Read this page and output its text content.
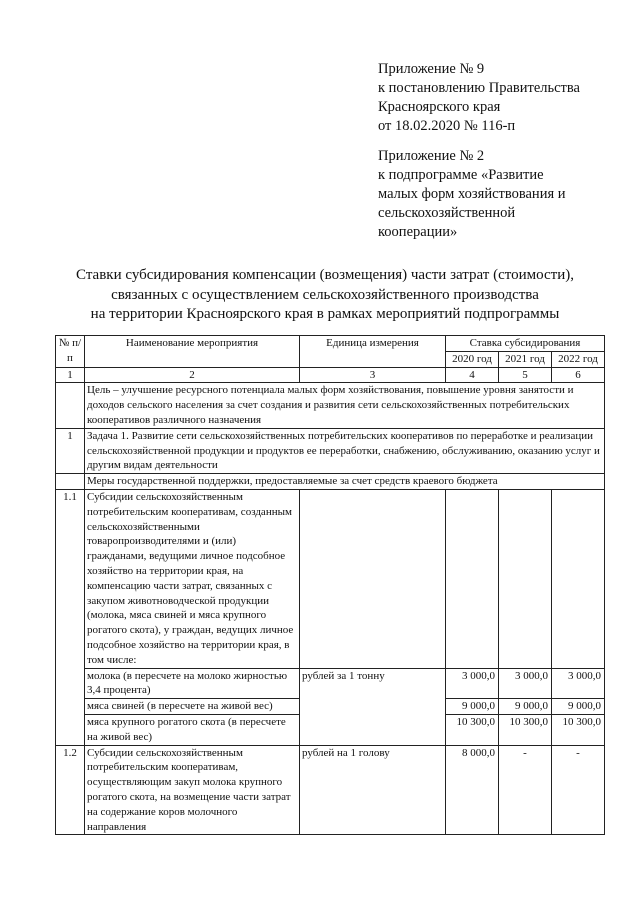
Приложение № 9
к постановлению Правительства
Красноярского края
от 18.02.2020 № 116-п
Приложение № 2
к подпрограмме «Развитие
малых форм хозяйствования и
сельскохозяйственной
кооперации»
Ставки субсидирования компенсации (возмещения) части затрат (стоимости),
связанных с осуществлением сельскохозяйственного производства
на территории Красноярского края в рамках мероприятий подпрограммы
№ п/п	Наименование мероприятия	Единица измерения	Ставка субсидирования		
			2020 год	2021 год	2022 год
1	2	3	4	5	6
	Цель – улучшение ресурсного потенциала малых форм хозяйствования, повышение уровня занятости и доходов сельского населения за счет создания и развития сети сельскохозяйственных потребительских кооперативов различного назначения				
1	Задача 1. Развитие сети сельскохозяйственных потребительских кооперативов по переработке и реализации сельскохозяйственной продукции и продуктов ее переработки, снабжению, обслуживанию, оказанию услуг и другим видам деятельности				
	Меры государственной поддержки, предоставляемые за счет средств краевого бюджета				
1.1	Субсидии сельскохозяйственным потребительским кооперативам, созданным сельскохозяйственными товаропроизводителями и (или) гражданами, ведущими личное подсобное хозяйство на территории края, на компенсацию части затрат, связанных с закупом животноводческой продукции (молока, мяса свиней и мяса крупного рогатого скота), у граждан, ведущих личное подсобное хозяйство на территории края, в том числе:				
	молока (в пересчете на молоко жирностью 3,4 процента)	рублей за 1 тонну	3 000,0	3 000,0	3 000,0
	мяса свиней (в пересчете на живой вес)		9 000,0	9 000,0	9 000,0
	мяса крупного рогатого скота (в пересчете на живой вес)		10 300,0	10 300,0	10 300,0
1.2	Субсидии сельскохозяйственным потребительским кооперативам, осуществляющим закуп молока крупного рогатого скота, на возмещение части затрат на содержание коров молочного направления	рублей на 1 голову	8 000,0	-	-
